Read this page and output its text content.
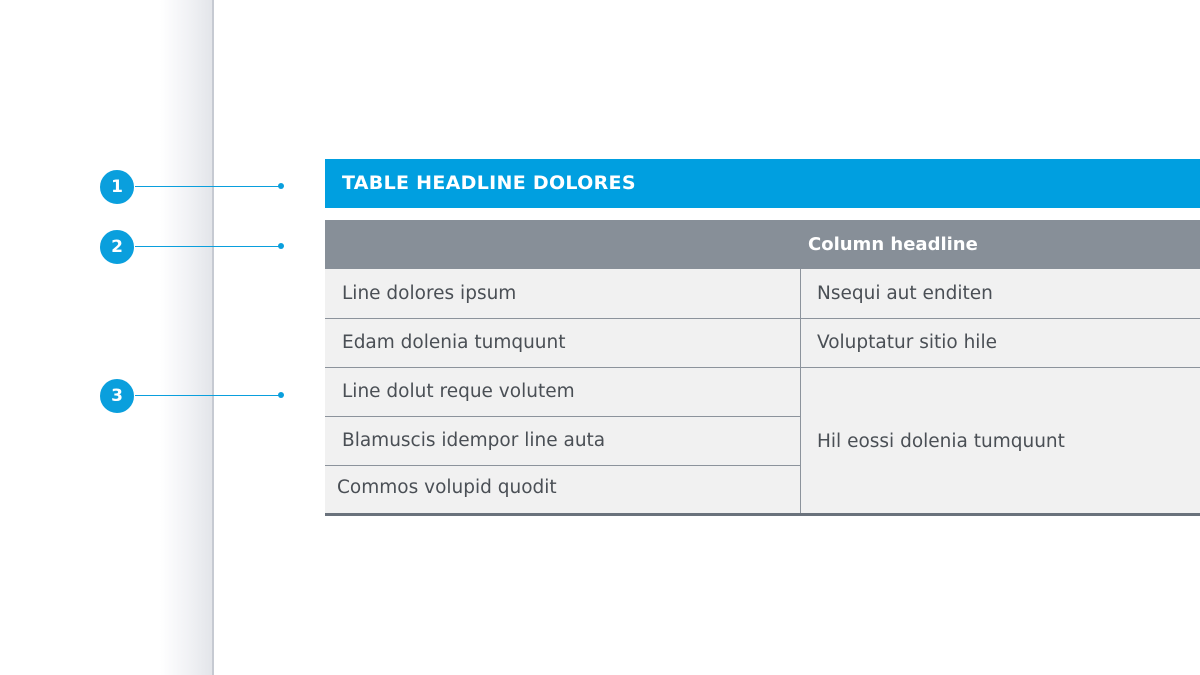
1
2
3
TABLE HEADLINE DOLORES
Column headline
Line dolores ipsum
Edam dolenia tumquunt
Line dolut reque volutem
Blamuscis idempor line auta
Commos volupid quodit
Nsequi aut enditen
Voluptatur sitio hile
Hil eossi dolenia tumquunt
